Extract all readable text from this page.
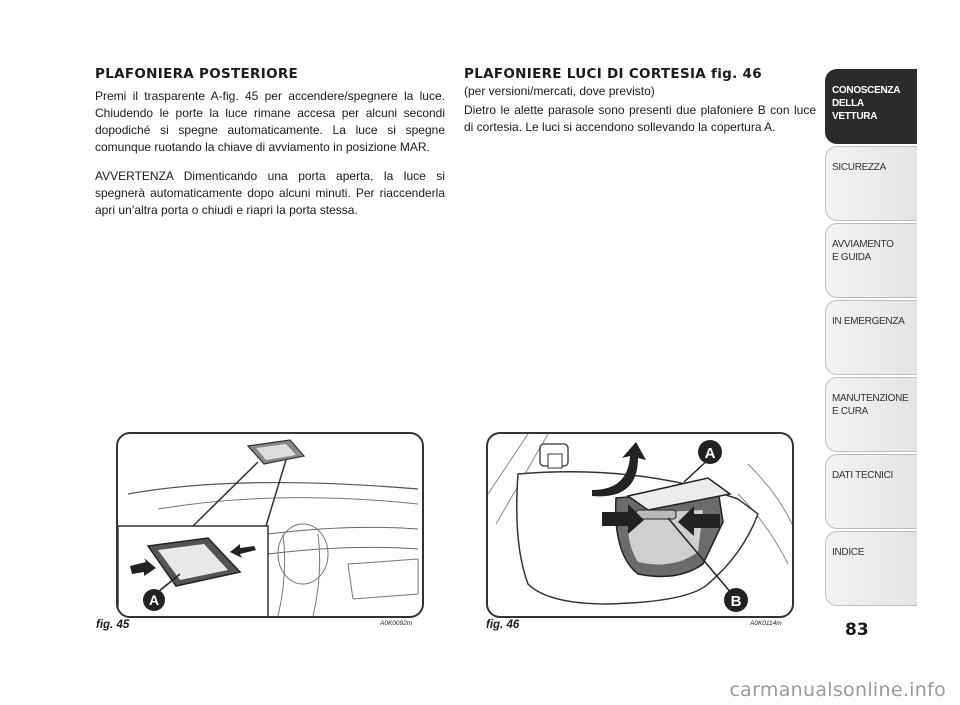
PLAFONIERA POSTERIORE

Premi il trasparente A-fig. 45 per accendere/spegnere la luce. Chiudendo le porte la luce rimane accesa per alcuni secondi dopodiché si spegne automaticamente. La luce si spegne comunque ruotando la chiave di avviamento in posizione MAR.

AVVERTENZA Dimenticando una porta aperta, la luce si spegnerà automaticamente dopo alcuni minuti. Per riaccenderla apri un’altra porta o chiudi e riapri la porta stessa.

PLAFONIERE LUCI DI CORTESIA fig. 46
(per versioni/mercati, dove previsto)

Dietro le alette parasole sono presenti due plafoniere B con luce di cortesia. Le luci si accendono sollevando la copertura A.

A
fig. 45	A0K0092m
A
B
fig. 46	A0K0114m
CONOSCENZA
DELLA
VETTURA
SICUREZZA
AVVIAMENTO
E GUIDA
IN EMERGENZA
MANUTENZIONE
E CURA
DATI TECNICI
INDICE
83
carmanualsonline.info
